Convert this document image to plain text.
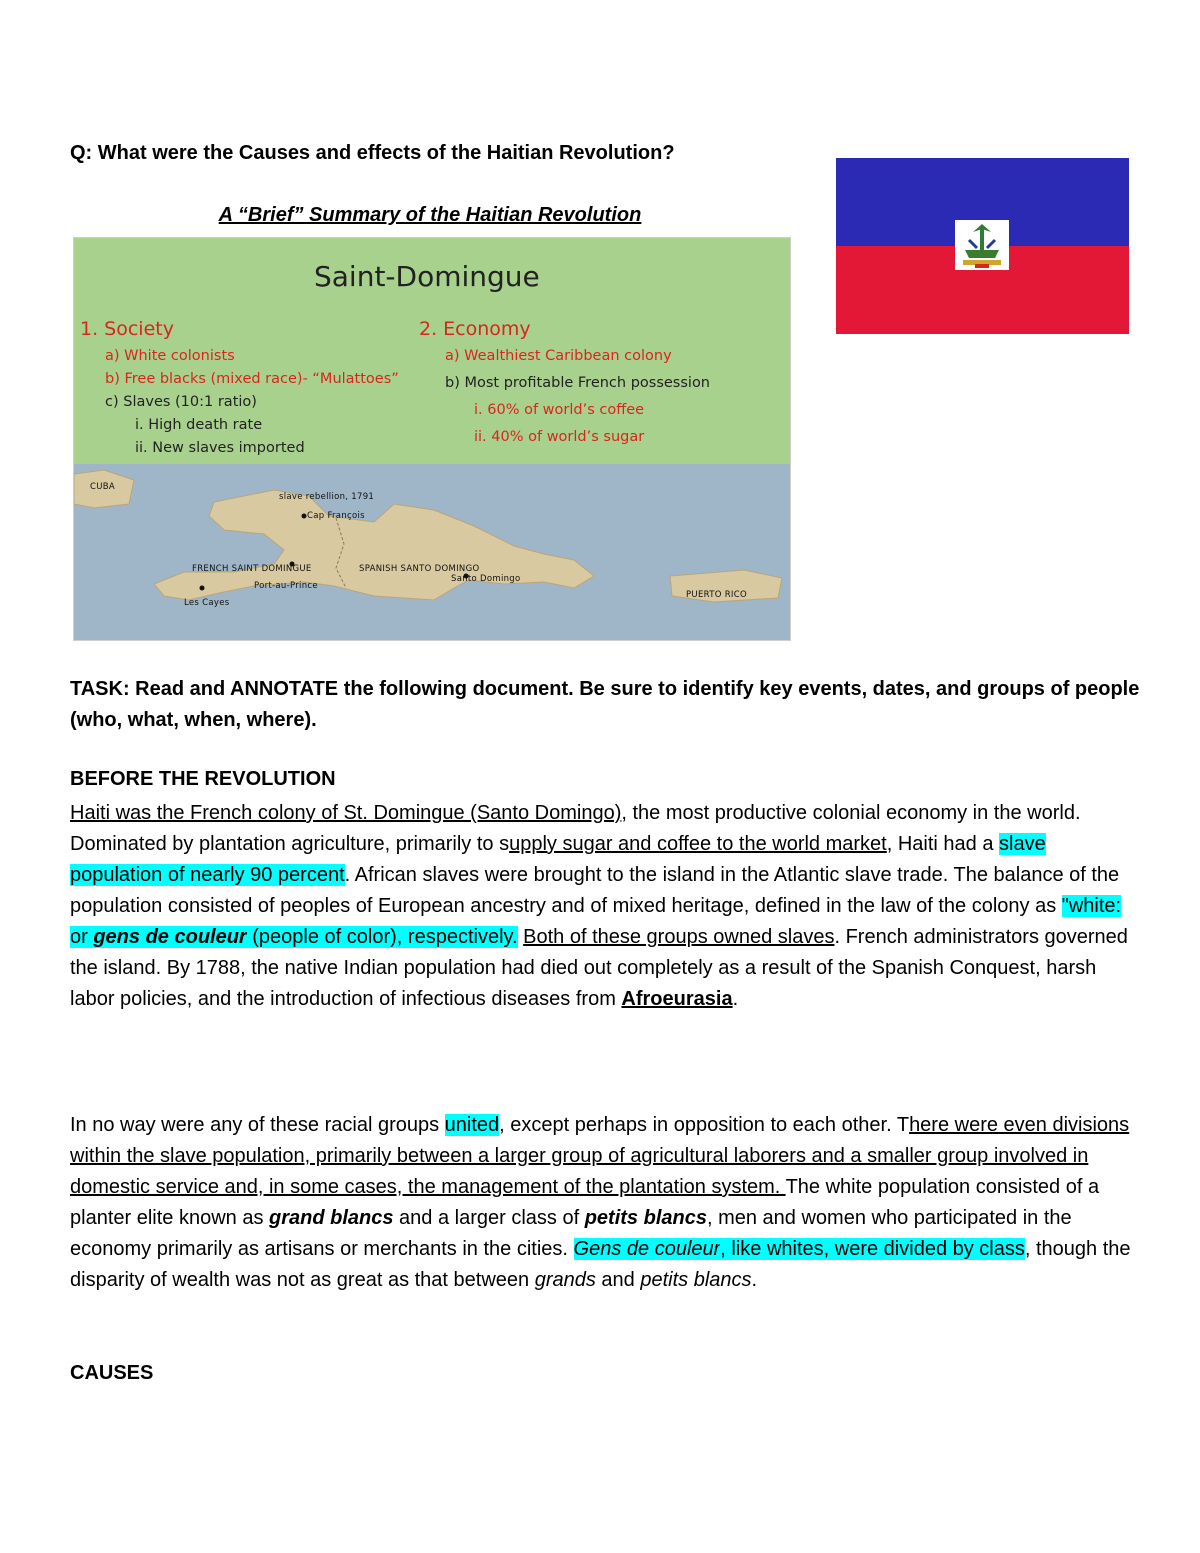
Q: What were the Causes and effects of the Haitian Revolution?
A “Brief” Summary of the Haitian Revolution
Saint-Domingue
1. Society
a) White colonists
b) Free blacks (mixed race)- “Mulattoes”
c) Slaves (10:1 ratio)
i. High death rate
ii. New slaves imported
2. Economy
a) Wealthiest Caribbean colony
b) Most profitable French possession
i. 60% of world’s coffee
ii. 40% of world’s sugar
CUBA
slave rebellion, 1791
Cap François
FRENCH SAINT DOMINGUE	SPANISH SANTO DOMINGO
Port-au-Prince
Santo Domingo
Les Cayes
PUERTO RICO
TASK: Read and ANNOTATE the following document. Be sure to identify key events, dates, and groups of people (who, what, when, where).
BEFORE THE REVOLUTION
Haiti was the French colony of St. Domingue (Santo Domingo), the most productive colonial economy in the world. Dominated by plantation agriculture, primarily to supply sugar and coffee to the world market, Haiti had a slave population of nearly 90 percent. African slaves were brought to the island in the Atlantic slave trade. The balance of the population consisted of peoples of European ancestry and of mixed heritage, defined in the law of the colony as "white: or gens de couleur (people of color), respectively. Both of these groups owned slaves. French administrators governed the island. By 1788, the native Indian population had died out completely as a result of the Spanish Conquest, harsh labor policies, and the introduction of infectious diseases from Afroeurasia.
In no way were any of these racial groups united, except perhaps in opposition to each other. There were even divisions within the slave population, primarily between a larger group of agricultural laborers and a smaller group involved in domestic service and, in some cases, the management of the plantation system. The white population consisted of a planter elite known as grand blancs and a larger class of petits blancs, men and women who participated in the economy primarily as artisans or merchants in the cities. Gens de couleur, like whites, were divided by class, though the disparity of wealth was not as great as that between grands and petits blancs.
CAUSES
